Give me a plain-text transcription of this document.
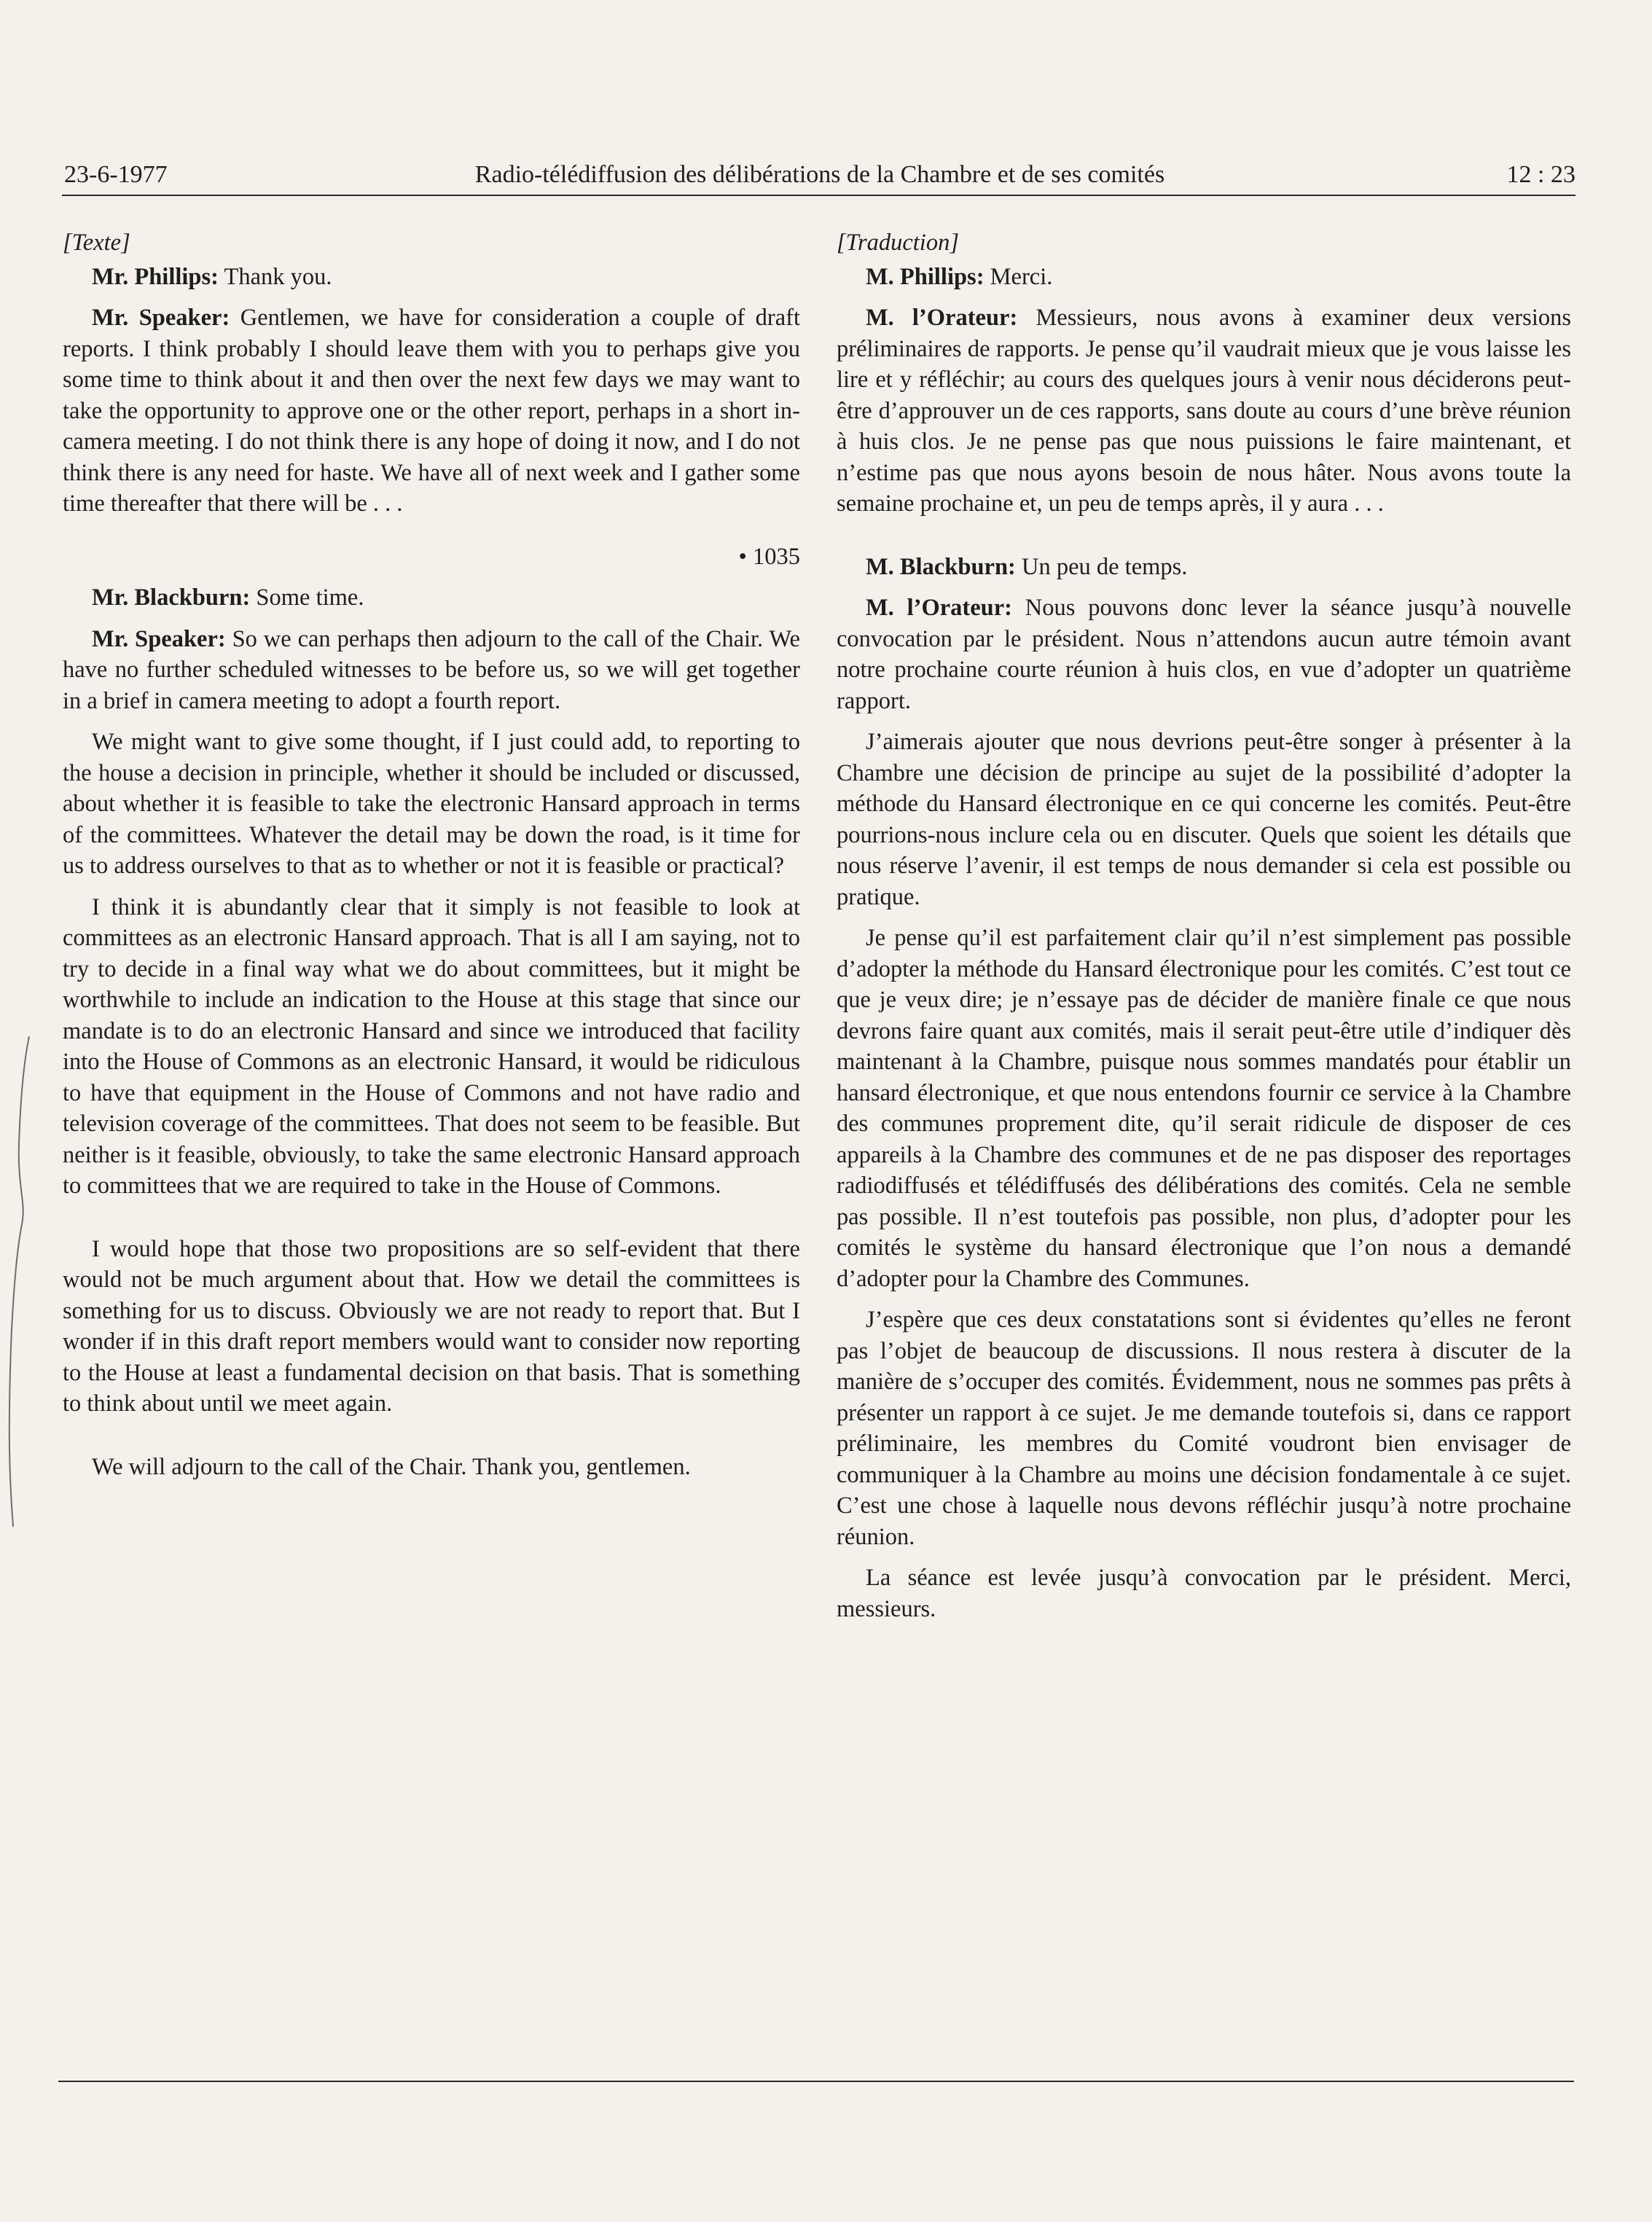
23-6-1977	Radio-télédiffusion des délibérations de la Chambre et de ses comités	12 : 23

[Texte]

Mr. Phillips: Thank you.

Mr. Speaker: Gentlemen, we have for consideration a couple of draft reports. I think probably I should leave them with you to perhaps give you some time to think about it and then over the next few days we may want to take the opportunity to approve one or the other report, perhaps in a short in-camera meeting. I do not think there is any hope of doing it now, and I do not think there is any need for haste. We have all of next week and I gather some time thereafter that there will be . . .

• 1035

Mr. Blackburn: Some time.

Mr. Speaker: So we can perhaps then adjourn to the call of the Chair. We have no further scheduled witnesses to be before us, so we will get together in a brief in camera meeting to adopt a fourth report.

We might want to give some thought, if I just could add, to reporting to the house a decision in principle, whether it should be included or discussed, about whether it is feasible to take the electronic Hansard approach in terms of the committees. Whatever the detail may be down the road, is it time for us to address ourselves to that as to whether or not it is feasible or practical?

I think it is abundantly clear that it simply is not feasible to look at committees as an electronic Hansard approach. That is all I am saying, not to try to decide in a final way what we do about committees, but it might be worthwhile to include an indication to the House at this stage that since our mandate is to do an electronic Hansard and since we introduced that facility into the House of Commons as an electronic Hansard, it would be ridiculous to have that equipment in the House of Commons and not have radio and television coverage of the committees. That does not seem to be feasible. But neither is it feasible, obviously, to take the same electronic Hansard approach to committees that we are required to take in the House of Commons.

I would hope that those two propositions are so self-evident that there would not be much argument about that. How we detail the committees is something for us to discuss. Obviously we are not ready to report that. But I wonder if in this draft report members would want to consider now reporting to the House at least a fundamental decision on that basis. That is something to think about until we meet again.

We will adjourn to the call of the Chair. Thank you, gentlemen.

[Traduction]

M. Phillips: Merci.

M. l’Orateur: Messieurs, nous avons à examiner deux versions préliminaires de rapports. Je pense qu’il vaudrait mieux que je vous laisse les lire et y réfléchir; au cours des quelques jours à venir nous déciderons peut-être d’approuver un de ces rapports, sans doute au cours d’une brève réunion à huis clos. Je ne pense pas que nous puissions le faire maintenant, et n’estime pas que nous ayons besoin de nous hâter. Nous avons toute la semaine prochaine et, un peu de temps après, il y aura . . .

M. Blackburn: Un peu de temps.

M. l’Orateur: Nous pouvons donc lever la séance jusqu’à nouvelle convocation par le président. Nous n’attendons aucun autre témoin avant notre prochaine courte réunion à huis clos, en vue d’adopter un quatrième rapport.

J’aimerais ajouter que nous devrions peut-être songer à présenter à la Chambre une décision de principe au sujet de la possibilité d’adopter la méthode du Hansard électronique en ce qui concerne les comités. Peut-être pourrions-nous inclure cela ou en discuter. Quels que soient les détails que nous réserve l’avenir, il est temps de nous demander si cela est possible ou pratique.

Je pense qu’il est parfaitement clair qu’il n’est simplement pas possible d’adopter la méthode du Hansard électronique pour les comités. C’est tout ce que je veux dire; je n’essaye pas de décider de manière finale ce que nous devrons faire quant aux comités, mais il serait peut-être utile d’indiquer dès maintenant à la Chambre, puisque nous sommes mandatés pour établir un hansard électronique, et que nous entendons fournir ce service à la Chambre des communes proprement dite, qu’il serait ridicule de disposer de ces appareils à la Chambre des communes et de ne pas disposer des reportages radiodiffusés et télédiffusés des délibérations des comités. Cela ne semble pas possible. Il n’est toutefois pas possible, non plus, d’adopter pour les comités le système du hansard électronique que l’on nous a demandé d’adopter pour la Chambre des Communes.

J’espère que ces deux constatations sont si évidentes qu’elles ne feront pas l’objet de beaucoup de discussions. Il nous restera à discuter de la manière de s’occuper des comités. Évidemment, nous ne sommes pas prêts à présenter un rapport à ce sujet. Je me demande toutefois si, dans ce rapport préliminaire, les membres du Comité voudront bien envisager de communiquer à la Chambre au moins une décision fondamentale à ce sujet. C’est une chose à laquelle nous devons réfléchir jusqu’à notre prochaine réunion.

La séance est levée jusqu’à convocation par le président. Merci, messieurs.
